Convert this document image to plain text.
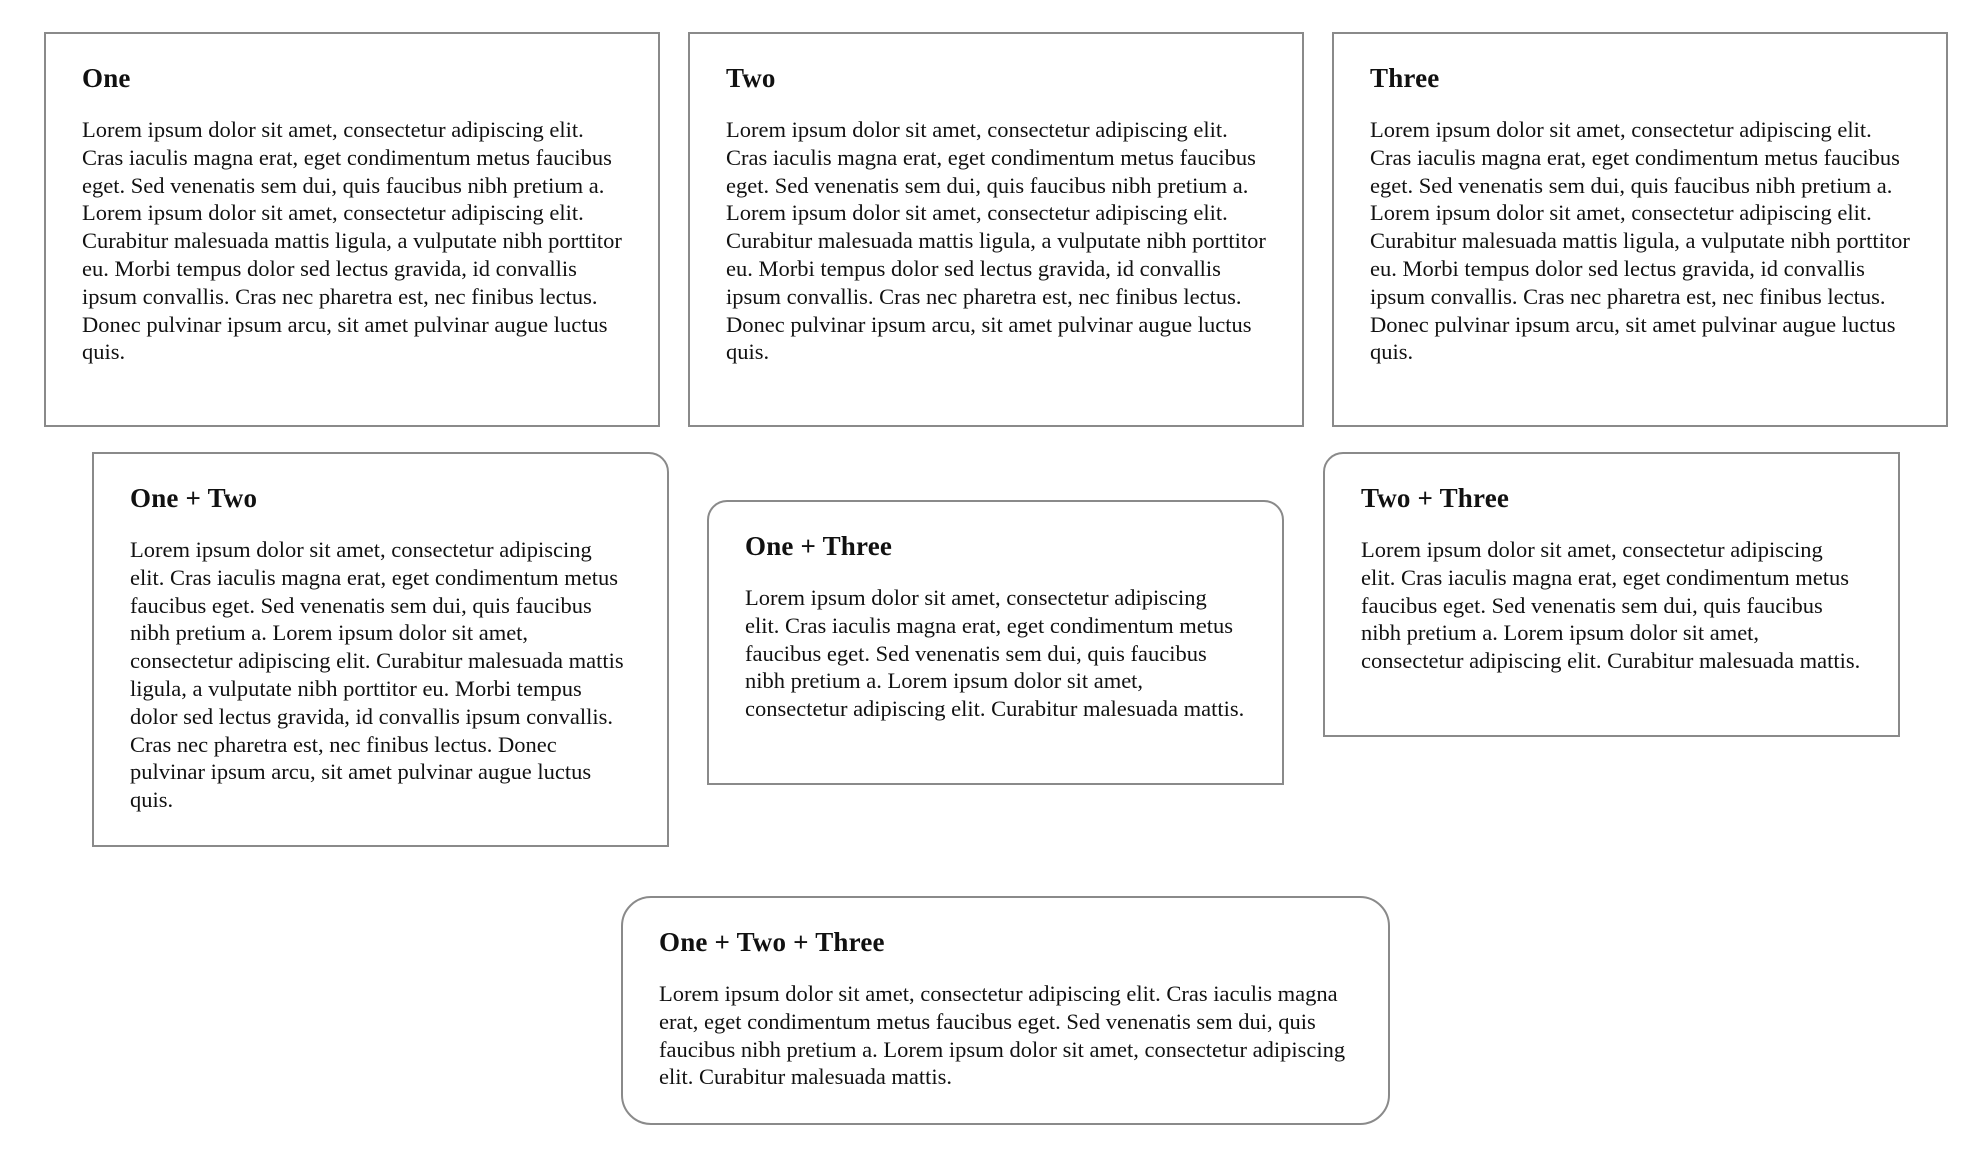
One

Lorem ipsum dolor sit amet, consectetur adipiscing elit. Cras iaculis magna erat, eget condimentum metus faucibus eget. Sed venenatis sem dui, quis faucibus nibh pretium a. Lorem ipsum dolor sit amet, consectetur adipiscing elit. Curabitur malesuada mattis ligula, a vulputate nibh porttitor eu. Morbi tempus dolor sed lectus gravida, id convallis ipsum convallis. Cras nec pharetra est, nec finibus lectus. Donec pulvinar ipsum arcu, sit amet pulvinar augue luctus quis.

Two

Lorem ipsum dolor sit amet, consectetur adipiscing elit. Cras iaculis magna erat, eget condimentum metus faucibus eget. Sed venenatis sem dui, quis faucibus nibh pretium a. Lorem ipsum dolor sit amet, consectetur adipiscing elit. Curabitur malesuada mattis ligula, a vulputate nibh porttitor eu. Morbi tempus dolor sed lectus gravida, id convallis ipsum convallis. Cras nec pharetra est, nec finibus lectus. Donec pulvinar ipsum arcu, sit amet pulvinar augue luctus quis.

Three

Lorem ipsum dolor sit amet, consectetur adipiscing elit. Cras iaculis magna erat, eget condimentum metus faucibus eget. Sed venenatis sem dui, quis faucibus nibh pretium a. Lorem ipsum dolor sit amet, consectetur adipiscing elit. Curabitur malesuada mattis ligula, a vulputate nibh porttitor eu. Morbi tempus dolor sed lectus gravida, id convallis ipsum convallis. Cras nec pharetra est, nec finibus lectus. Donec pulvinar ipsum arcu, sit amet pulvinar augue luctus quis.

One + Two

Lorem ipsum dolor sit amet, consectetur adipiscing elit. Cras iaculis magna erat, eget condimentum metus faucibus eget. Sed venenatis sem dui, quis faucibus nibh pretium a. Lorem ipsum dolor sit amet, consectetur adipiscing elit. Curabitur malesuada mattis ligula, a vulputate nibh porttitor eu. Morbi tempus dolor sed lectus gravida, id convallis ipsum convallis. Cras nec pharetra est, nec finibus lectus. Donec pulvinar ipsum arcu, sit amet pulvinar augue luctus quis.

One + Three

Lorem ipsum dolor sit amet, consectetur adipiscing elit. Cras iaculis magna erat, eget condimentum metus faucibus eget. Sed venenatis sem dui, quis faucibus nibh pretium a. Lorem ipsum dolor sit amet, consectetur adipiscing elit. Curabitur malesuada mattis.

Two + Three

Lorem ipsum dolor sit amet, consectetur adipiscing elit. Cras iaculis magna erat, eget condimentum metus faucibus eget. Sed venenatis sem dui, quis faucibus nibh pretium a. Lorem ipsum dolor sit amet, consectetur adipiscing elit. Curabitur malesuada mattis.

One + Two + Three

Lorem ipsum dolor sit amet, consectetur adipiscing elit. Cras iaculis magna erat, eget condimentum metus faucibus eget. Sed venenatis sem dui, quis faucibus nibh pretium a. Lorem ipsum dolor sit amet, consectetur adipiscing elit. Curabitur malesuada mattis.
